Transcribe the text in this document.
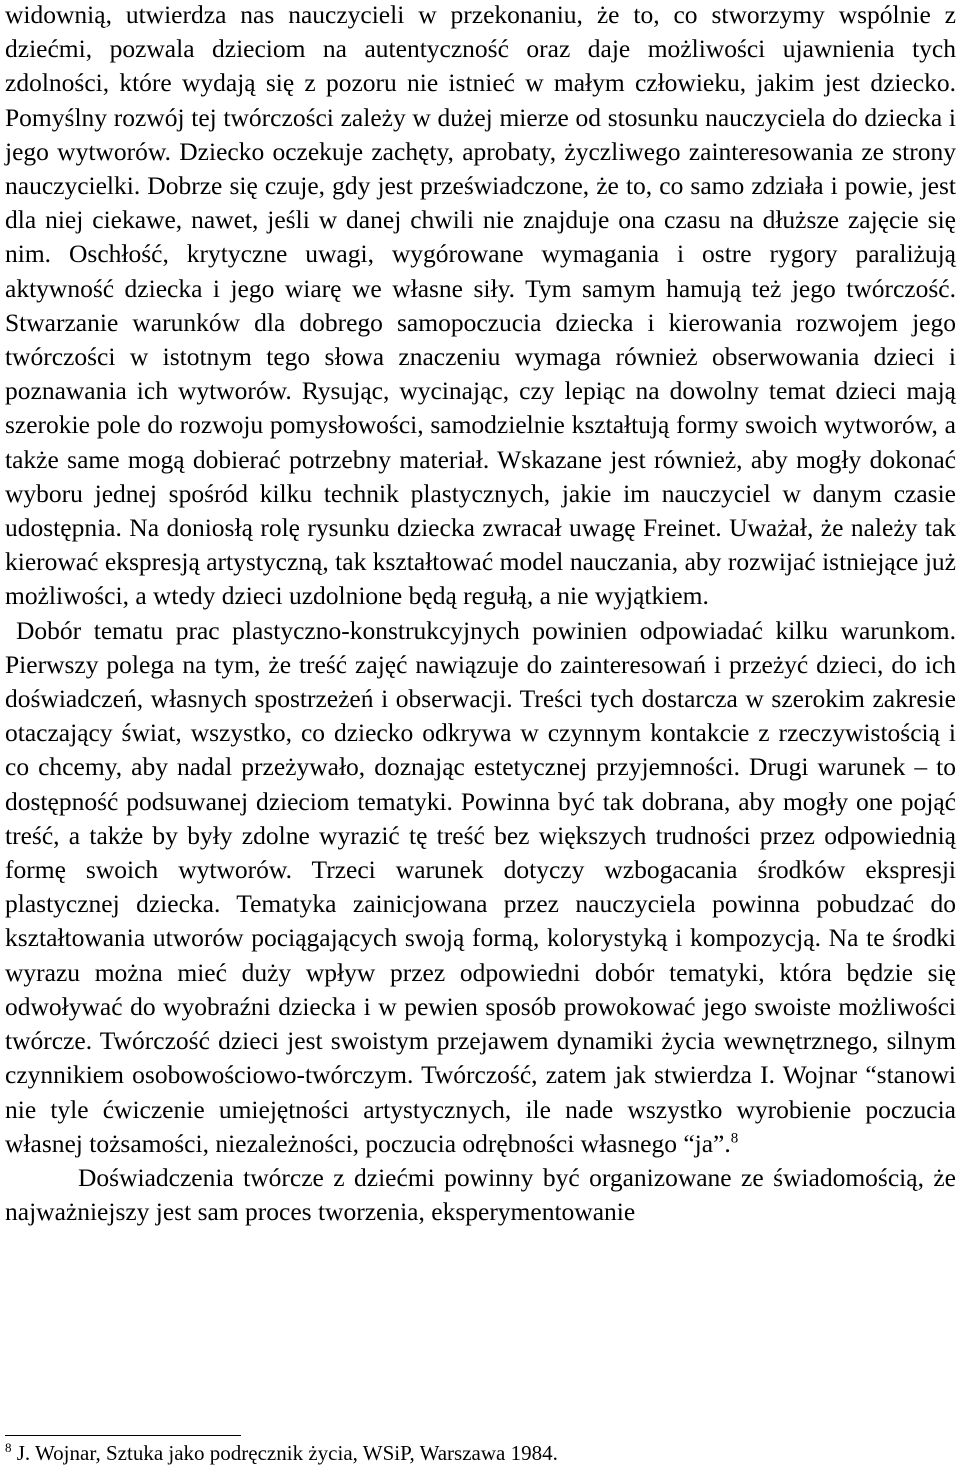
widownią, utwierdza nas nauczycieli w przekonaniu, że to, co stworzymy wspólnie z dziećmi, pozwala dzieciom na autentyczność oraz daje możliwości ujawnienia tych zdolności, które wydają się z pozoru nie istnieć w małym człowieku, jakim jest dziecko. Pomyślny rozwój tej twórczości zależy w dużej mierze od stosunku nauczyciela do dziecka i jego wytworów. Dziecko oczekuje zachęty, aprobaty, życzliwego zainteresowania ze strony nauczycielki. Dobrze się czuje, gdy jest przeświadczone, że to, co samo zdziała i powie, jest dla niej ciekawe, nawet, jeśli w danej chwili nie znajduje ona czasu na dłuższe zajęcie się nim. Oschłość, krytyczne uwagi, wygórowane wymagania i ostre rygory paraliżują aktywność dziecka i jego wiarę we własne siły. Tym samym hamują też jego twórczość. Stwarzanie warunków dla dobrego samopoczucia dziecka i kierowania rozwojem jego twórczości w istotnym tego słowa znaczeniu wymaga również obserwowania dzieci i poznawania ich wytworów. Rysując, wycinając, czy lepiąc na dowolny temat dzieci mają szerokie pole do rozwoju pomysłowości, samodzielnie kształtują formy swoich wytworów, a także same mogą dobierać potrzebny materiał. Wskazane jest również, aby mogły dokonać wyboru jednej spośród kilku technik plastycznych, jakie im nauczyciel w danym czasie udostępnia. Na doniosłą rolę rysunku dziecka zwracał uwagę Freinet. Uważał, że należy tak kierować ekspresją artystyczną, tak kształtować model nauczania, aby rozwijać istniejące już możliwości, a wtedy dzieci uzdolnione będą regułą, a nie wyjątkiem.

Dobór tematu prac plastyczno-konstrukcyjnych powinien odpowiadać kilku warunkom. Pierwszy polega na tym, że treść zajęć nawiązuje do zainteresowań i przeżyć dzieci, do ich doświadczeń, własnych spostrzeżeń i obserwacji. Treści tych dostarcza w szerokim zakresie otaczający świat, wszystko, co dziecko odkrywa w czynnym kontakcie z rzeczywistością i co chcemy, aby nadal przeżywało, doznając estetycznej przyjemności. Drugi warunek – to dostępność podsuwanej dzieciom tematyki. Powinna być tak dobrana, aby mogły one pojąć treść, a także by były zdolne wyrazić tę treść bez większych trudności przez odpowiednią formę swoich wytworów. Trzeci warunek dotyczy wzbogacania środków ekspresji plastycznej dziecka. Tematyka zainicjowana przez nauczyciela powinna pobudzać do kształtowania utworów pociągających swoją formą, kolorystyką i kompozycją. Na te środki wyrazu można mieć duży wpływ przez odpowiedni dobór tematyki, która będzie się odwoływać do wyobraźni dziecka i w pewien sposób prowokować jego swoiste możliwości twórcze. Twórczość dzieci jest swoistym przejawem dynamiki życia wewnętrznego, silnym czynnikiem osobowościowo-twórczym. Twórczość, zatem jak stwierdza I. Wojnar “stanowi nie tyle ćwiczenie umiejętności artystycznych, ile nade wszystko wyrobienie poczucia własnej tożsamości, niezależności, poczucia odrębności własnego “ja”.$^8$

Doświadczenia twórcze z dziećmi powinny być organizowane ze świadomością, że najważniejszy jest sam proces tworzenia, eksperymentowanie

$^8$ J. Wojnar, Sztuka jako podręcznik życia, WSiP, Warszawa 1984.
